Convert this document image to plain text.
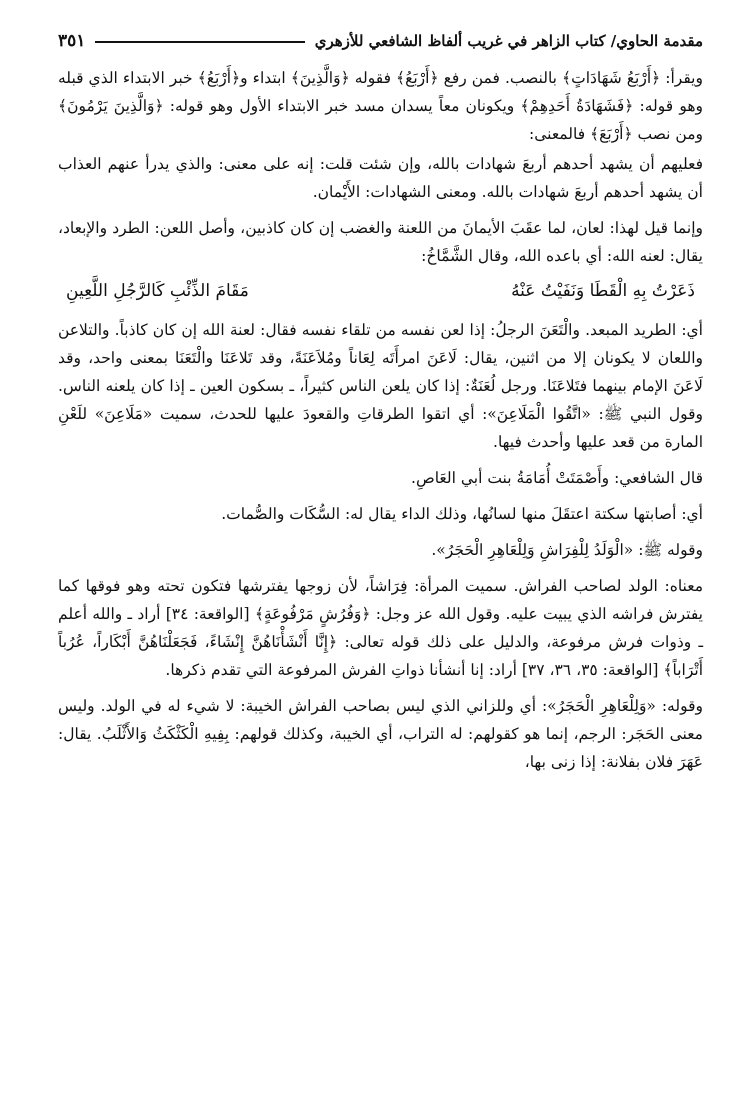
مقدمة الحاوي/ كتاب الزاهر في غريب ألفاظ الشافعي للأزهري
٣٥١

ويقرأ: ﴿أَرْبَعُ شَهَادَاتٍ﴾ بالنصب. فمن رفع ﴿أَرْبَعُ﴾ فقوله ﴿وَالَّذِينَ﴾ ابتداء و﴿أَرْبَعُ﴾ خبر الابتداء الذي قبله وهو قوله: ﴿فَشَهَادَةُ أَحَدِهِمْ﴾ ويكونان معاً يسدان مسد خبر الابتداء الأول وهو قوله: ﴿وَالَّذِينَ يَرْمُونَ﴾ ومن نصب ﴿أَرْبَعَ﴾ فالمعنى:

فعليهم أن يشهد أحدهم أربعَ شهادات بالله، وإن شئت قلت: إنه على معنى: والذي يدرأ عنهم العذاب أن يشهد أحدهم أربعَ شهادات بالله. ومعنى الشهادات: الأَيْمان.

وإنما قيل لهذا: لعان، لما عقَبَ الأيمانَ من اللعنة والغضب إن كان كاذبين، وأصل اللعن: الطرد والإبعاد، يقال: لعنه الله: أي باعده الله، وقال الشَّمَّاخُ:

ذَعَرْتُ بِهِ الْقَطَا وَنَفَيْتُ عَنْهُ
مَقَامَ الذِّئْبِ كَالرَّجُلِ اللَّعِينِ

أي: الطريد المبعد. والْتَعَنَ الرجلُ: إذا لعن نفسه من تلقاء نفسه فقال: لعنة الله إن كان كاذباً. والتلاعن واللعان لا يكونان إلا من اثنين، يقال: لَاعَنَ امرأَتَه لِعَاناً ومُلاَعَنَةً، وقد تَلاعَنَا والْتَعَنَا بمعنى واحد، وقد لَاعَنَ الإمام بينهما فتَلاعَنَا. ورجل لُعَنَةٌ: إذا كان يلعن الناس كثيراً، ـ بسكون العين ـ إذا كان يلعنه الناس. وقول النبي ﷺ: «اتَّقُوا الْمَلَاعِنَ»: أي اتقوا الطرقاتِ والقعودَ عليها للحدث، سميت «مَلَاعِنَ» للَعْنِ المارة من قعد عليها وأحدث فيها.

قال الشافعي: وأَصْمَتَتْ أُمَامَةُ بنت أبي العَاصِ.

أي: أصابتها سكتة اعتقَلَ منها لسانُها، وذلك الداء يقال له: السُّكَات والصُّمات.

وقوله ﷺ: «الْوَلَدُ لِلْفِرَاشِ وَلِلْعَاهِرِ الْحَجَرُ».

معناه: الولد لصاحب الفراش. سميت المرأة: فِرَاشاً، لأن زوجها يفترشها فتكون تحته وهو فوقها كما يفترش فراشه الذي يبيت عليه. وقول الله عز وجل: ﴿وَفُرُشٍ مَرْفُوعَةٍ﴾ [الواقعة: ٣٤] أراد ـ والله أعلم ـ وذوات فرش مرفوعة، والدليل على ذلك قوله تعالى: ﴿إِنَّا أَنْشَأْنَاهُنَّ إِنْشَاءً، فَجَعَلْنَاهُنَّ أَبْكَاراً، عُرُباً أَتْرَاباً﴾ [الواقعة: ٣٥، ٣٦، ٣٧] أراد: إنا أنشأنا ذواتِ الفرش المرفوعة التي تقدم ذكرها.

وقوله: «وَلِلْعَاهِرِ الْحَجَرُ»: أي وللزاني الذي ليس بصاحب الفراش الخيبة: لا شيء له في الولد. وليس معنى الحَجَر: الرجم، إنما هو كقولهم: له التراب، أي الخيبة، وكذلك قولهم: بِفِيهِ الْكَثْكَثُ وَالأَثْلَبُ. يقال: عَهَرَ فلان بفلانة: إذا زنى بها،
